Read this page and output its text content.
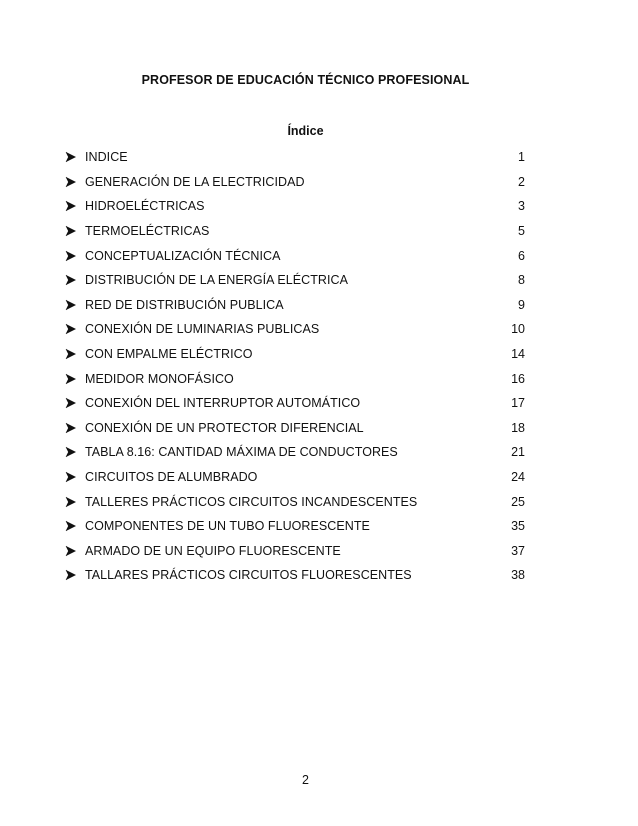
PROFESOR DE EDUCACIÓN TÉCNICO PROFESIONAL
Índice
INDICE	1
GENERACIÓN DE LA ELECTRICIDAD	2
HIDROELÉCTRICAS	3
TERMOELÉCTRICAS	5
CONCEPTUALIZACIÓN TÉCNICA	6
DISTRIBUCIÓN DE LA ENERGÍA ELÉCTRICA	8
RED DE DISTRIBUCIÓN PUBLICA	9
CONEXIÓN DE LUMINARIAS PUBLICAS	10
CON EMPALME ELÉCTRICO	14
MEDIDOR MONOFÁSICO	16
CONEXIÓN DEL INTERRUPTOR AUTOMÁTICO	17
CONEXIÓN DE UN PROTECTOR DIFERENCIAL	18
TABLA 8.16: CANTIDAD MÁXIMA DE CONDUCTORES	21
CIRCUITOS DE ALUMBRADO	24
TALLERES PRÁCTICOS CIRCUITOS INCANDESCENTES	25
COMPONENTES DE UN TUBO FLUORESCENTE	35
ARMADO DE UN EQUIPO FLUORESCENTE	37
TALLARES PRÁCTICOS CIRCUITOS FLUORESCENTES	38
2
